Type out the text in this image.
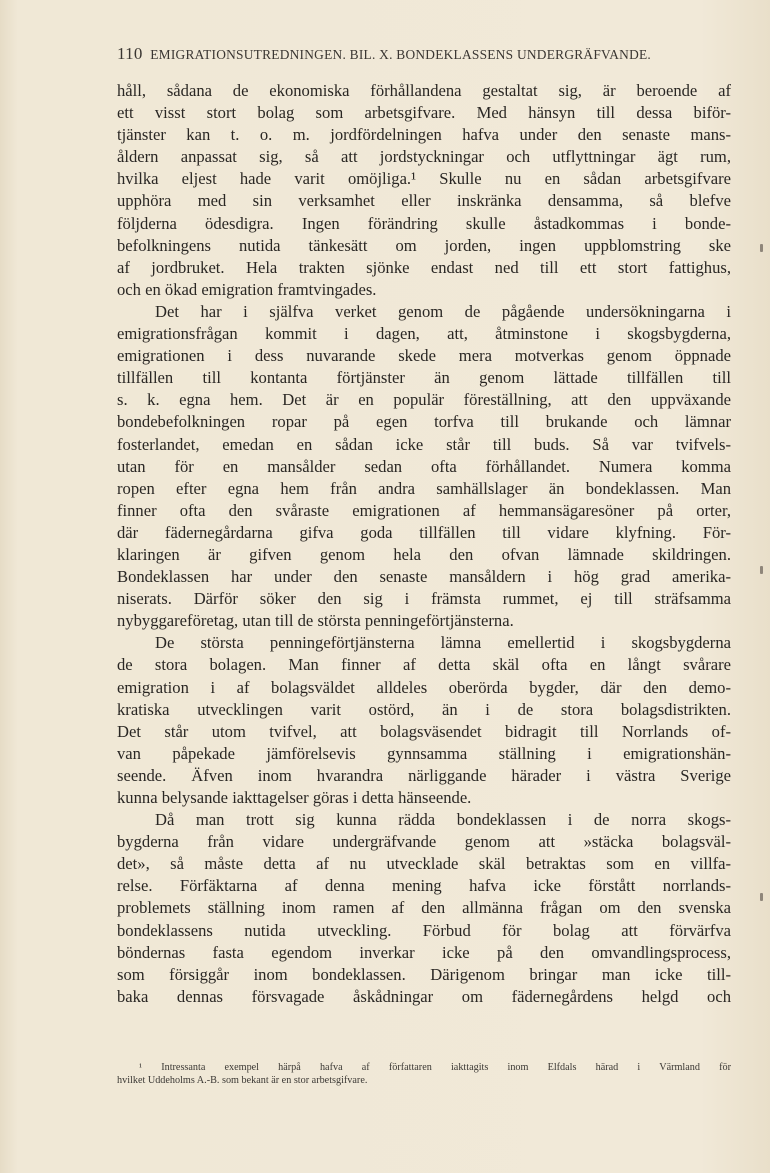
110 EMIGRATIONSUTREDNINGEN. BIL. X. BONDEKLASSENS UNDERGRÄFVANDE.
håll, sådana de ekonomiska förhållandena gestaltat sig, är beroende af
ett visst stort bolag som arbetsgifvare. Med hänsyn till dessa biför-
tjänster kan t. o. m. jordfördelningen hafva under den senaste mans-
åldern anpassat sig, så att jordstyckningar och utflyttningar ägt rum,
hvilka eljest hade varit omöjliga.¹ Skulle nu en sådan arbetsgifvare
upphöra med sin verksamhet eller inskränka densamma, så blefve
följderna ödesdigra. Ingen förändring skulle åstadkommas i bonde-
befolkningens nutida tänkesätt om jorden, ingen uppblomstring ske
af jordbruket. Hela trakten sjönke endast ned till ett stort fattighus,
och en ökad emigration framtvingades.
Det har i själfva verket genom de pågående undersökningarna i
emigrationsfrågan kommit i dagen, att, åtminstone i skogsbygderna,
emigrationen i dess nuvarande skede mera motverkas genom öppnade
tillfällen till kontanta förtjänster än genom lättade tillfällen till
s. k. egna hem. Det är en populär föreställning, att den uppväxande
bondebefolkningen ropar på egen torfva till brukande och lämnar
fosterlandet, emedan en sådan icke står till buds. Så var tvifvels-
utan för en mansålder sedan ofta förhållandet. Numera komma
ropen efter egna hem från andra samhällslager än bondeklassen. Man
finner ofta den svåraste emigrationen af hemmansägaresöner på orter,
där fädernegårdarna gifva goda tillfällen till vidare klyfning. För-
klaringen är gifven genom hela den ofvan lämnade skildringen.
Bondeklassen har under den senaste mansåldern i hög grad amerika-
niserats. Därför söker den sig i främsta rummet, ej till sträfsamma
nybyggareföretag, utan till de största penningeförtjänsterna.
De största penningeförtjänsterna lämna emellertid i skogsbygderna
de stora bolagen. Man finner af detta skäl ofta en långt svårare
emigration i af bolagsväldet alldeles oberörda bygder, där den demo-
kratiska utvecklingen varit ostörd, än i de stora bolagsdistrikten.
Det står utom tvifvel, att bolagsväsendet bidragit till Norrlands of-
van påpekade jämförelsevis gynnsamma ställning i emigrationshän-
seende. Äfven inom hvarandra närliggande härader i västra Sverige
kunna belysande iakttagelser göras i detta hänseende.
Då man trott sig kunna rädda bondeklassen i de norra skogs-
bygderna från vidare undergräfvande genom att »stäcka bolagsväl-
det», så måste detta af nu utvecklade skäl betraktas som en villfa-
relse. Förfäktarna af denna mening hafva icke förstått norrlands-
problemets ställning inom ramen af den allmänna frågan om den svenska
bondeklassens nutida utveckling. Förbud för bolag att förvärfva
böndernas fasta egendom inverkar icke på den omvandlingsprocess,
som försiggår inom bondeklassen. Därigenom bringar man icke till-
baka dennas försvagade åskådningar om fädernegårdens helgd och
¹ Intressanta exempel härpå hafva af författaren iakttagits inom Elfdals härad i Värmland för
hvilket Uddeholms A.-B. som bekant är en stor arbetsgifvare.
